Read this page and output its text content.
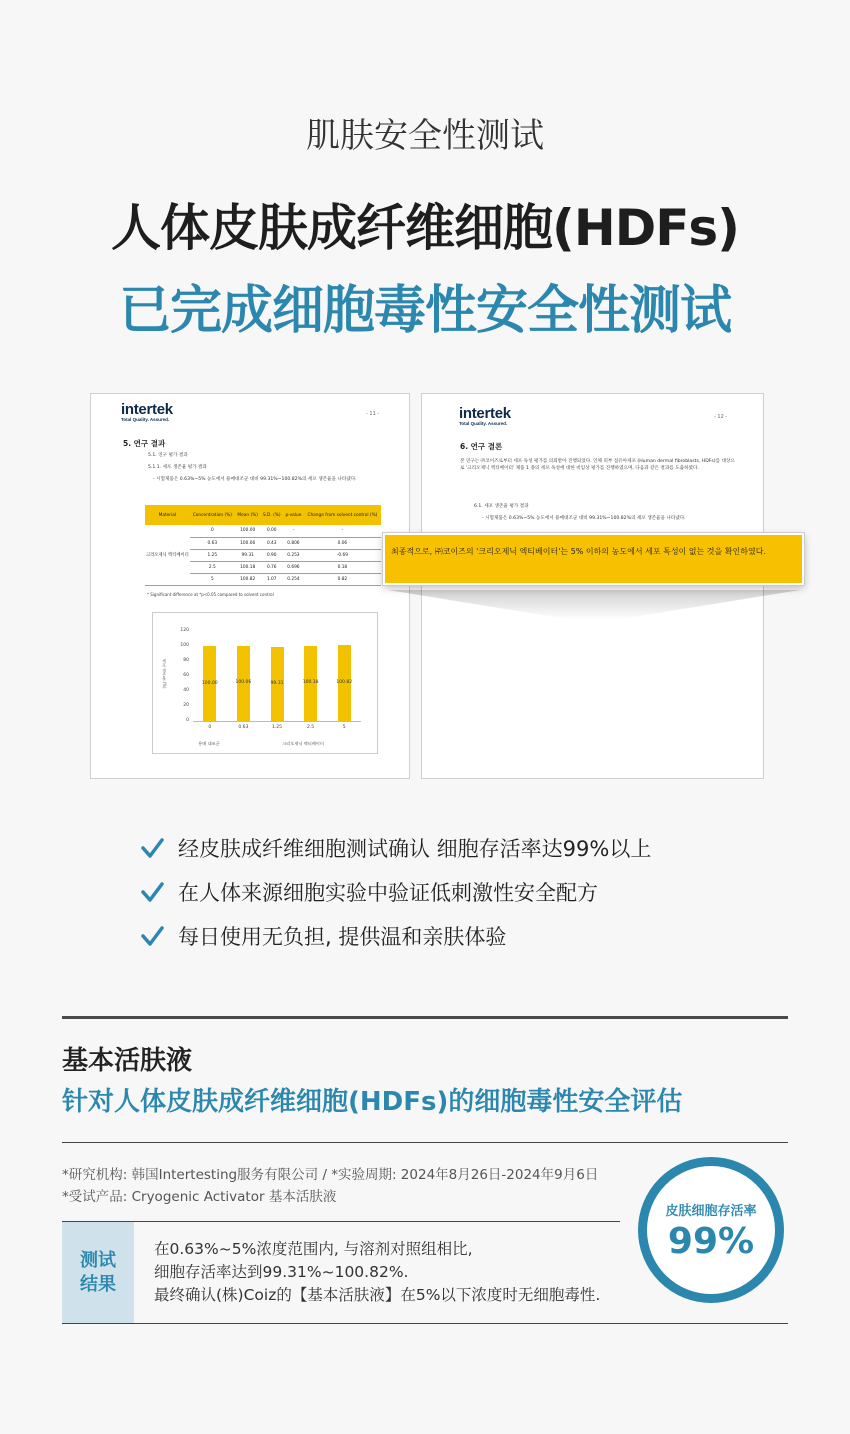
肌肤安全性测试
人体皮肤成纤维细胞(HDFs)
已完成细胞毒性安全性测试
intertek
Total Quality. Assured.
- 11 -
5. 연구 결과
5.1. 연구 평가 결과
5.1.1. 세포 생존율 평가 결과
- 시험제품은 0.63%~5% 농도에서 용매대조군 대비 99.31%~100.82%의 세포 생존율을 나타냈다.
Material	Concentration (%)	Mean (%)	S.D. (%)	p-value	Change from solvent control (%)
크리오제닉 엑티베이터	0	100.00	0.00	-	-
	0.63	100.06	0.43	0.806	0.06
	1.25	99.31	0.90	0.253	-0.69
	2.5	100.18	0.76	0.696	0.18
	5	100.82	1.07	0.254	0.82
* Significant difference at *p<0.05 compared to solvent control
세포 생존율 (%)
120
100
80
60
40
20
0
100.00
0
100.06
0.63
99.31
1.25
100.18
2.5
100.82
5
용매 대조군	크리오제닉 엑티베이터
intertek
Total Quality. Assured.
- 12 -
6. 연구 결론
본 연구는 ㈜코이즈로부터 세포 독성 평가를 의뢰받아 진행되었다. 인체 피부 섬유아세포 (Human dermal fibroblasts, HDFs)를 대상으로 '크리오제닉 엑티베이터' 제품 1 종의 세포 독성에 대한 비임상 평가를 진행하였으며, 다음과 같은 결과를 도출하였다.
6.1. 세포 생존율 평가 결과
- 시험제품은 0.63%~5% 농도에서 용매대조군 대비 99.31%~100.82%의 세포 생존율을 나타냈다.
최종적으로, ㈜코이즈의 '크리오제닉 엑티베이터'는 5% 이하의 농도에서 세포 독성이 없는 것을 확인하였다.
经皮肤成纤维细胞测试确认 细胞存活率达99%以上
在人体来源细胞实验中验证低刺激性安全配方
每日使用无负担, 提供温和亲肤体验
基本活肤液
针对人体皮肤成纤维细胞(HDFs)的细胞毒性安全评估
*研究机构: 韩国Intertesting服务有限公司 / *实验周期: 2024年8月26日-2024年9月6日
*受试产品: Cryogenic Activator 基本活肤液
测试
结果
在0.63%~5%浓度范围内, 与溶剂对照组相比,
细胞存活率达到99.31%~100.82%.
最终确认(株)Coiz的【基本活肤液】在5%以下浓度时无细胞毒性.
皮肤细胞存活率
99%
